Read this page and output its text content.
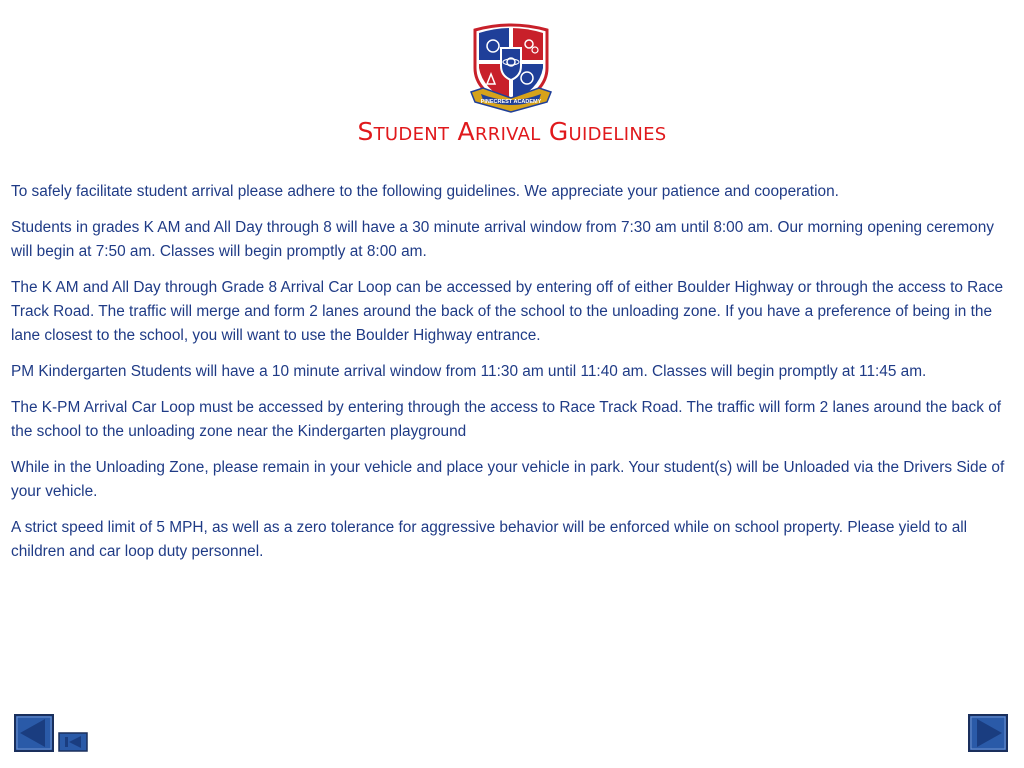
PINECREST ACADEMY
Student Arrival Guidelines

To safely facilitate student arrival please adhere to the following guidelines. We appreciate your patience and cooperation.

Students in grades K AM and All Day through 8 will have a 30 minute arrival window from 7:30 am until 8:00 am. Our morning opening ceremony will begin at 7:50 am. Classes will begin promptly at 8:00 am.

The K AM and All Day through Grade 8 Arrival Car Loop can be accessed by entering off of either Boulder Highway or through the access to Race Track Road. The traffic will merge and form 2 lanes around the back of the school to the unloading zone. If you have a preference of being in the lane closest to the school, you will want to use the Boulder Highway entrance.

PM Kindergarten Students will have a 10 minute arrival window from 11:30 am until 11:40 am. Classes will begin promptly at 11:45 am.

The K-PM Arrival Car Loop must be accessed by entering through the access to Race Track Road. The traffic will form 2 lanes around the back of the school to the unloading zone near the Kindergarten playground

While in the Unloading Zone, please remain in your vehicle and place your vehicle in park. Your student(s) will be Unloaded via the Drivers Side of your vehicle.

A strict speed limit of 5 MPH, as well as a zero tolerance for aggressive behavior will be enforced while on school property. Please yield to all children and car loop duty personnel.
